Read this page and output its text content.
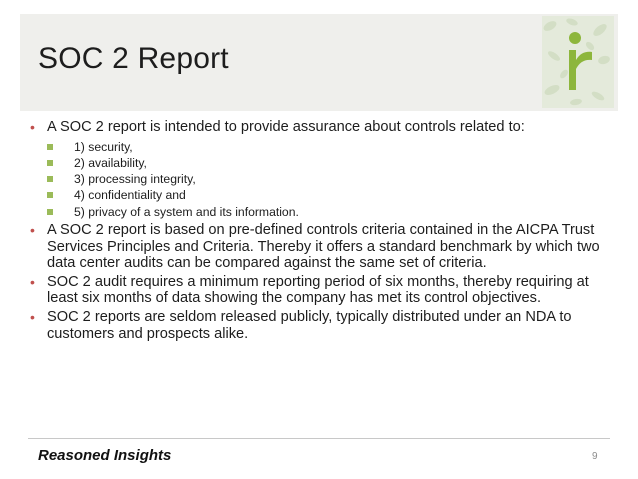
SOC 2 Report
• A SOC 2 report is intended to provide assurance about controls related to:
1) security,
2) availability,
3) processing integrity,
4) confidentiality and
5) privacy of a system and its information.
• A SOC 2 report is based on pre-defined controls criteria contained in the AICPA Trust Services Principles and Criteria. Thereby it offers a standard benchmark by which two data center audits can be compared against the same set of criteria.
• SOC 2 audit requires a minimum reporting period of six months, thereby requiring at least six months of data showing the company has met its control objectives.
• SOC 2 reports are seldom released publicly, typically distributed under an NDA to customers and prospects alike.
Reasoned Insights	9
